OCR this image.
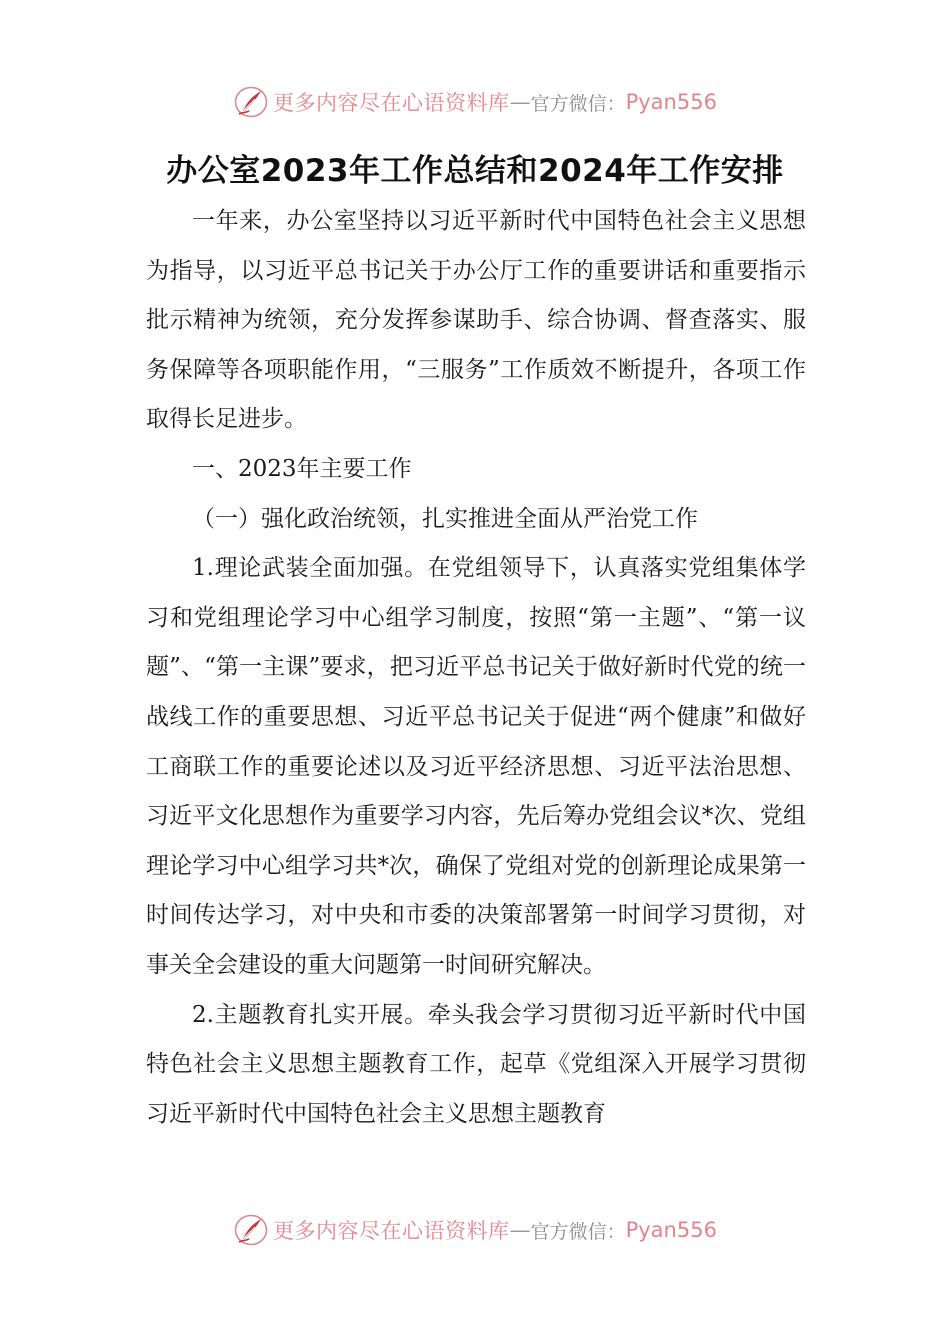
更多内容尽在心语资料库 — 官方微信： Pyan556
办公室2023年工作总结和2024年工作安排

一年来，办公室坚持以习近平新时代中国特色社会主义思想为指导，以习近平总书记关于办公厅工作的重要讲话和重要指示批示精神为统领，充分发挥参谋助手、综合协调、督查落实、服务保障等各项职能作用，“三服务”工作质效不断提升，各项工作取得长足进步。

一、2023年主要工作

（一）强化政治统领，扎实推进全面从严治党工作

1.理论武装全面加强。在党组领导下，认真落实党组集体学习和党组理论学习中心组学习制度，按照“第一主题”、“第一议题”、“第一主课”要求，把习近平总书记关于做好新时代党的统一战线工作的重要思想、习近平总书记关于促进“两个健康”和做好工商联工作的重要论述以及习近平经济思想、习近平法治思想、习近平文化思想作为重要学习内容，先后筹办党组会议*次、党组理论学习中心组学习共*次，确保了党组对党的创新理论成果第一时间传达学习，对中央和市委的决策部署第一时间学习贯彻，对事关全会建设的重大问题第一时间研究解决。

2.主题教育扎实开展。牵头我会学习贯彻习近平新时代中国特色社会主义思想主题教育工作，起草《党组深入开展学习贯彻习近平新时代中国特色社会主义思想主题教育

更多内容尽在心语资料库 — 官方微信： Pyan556
